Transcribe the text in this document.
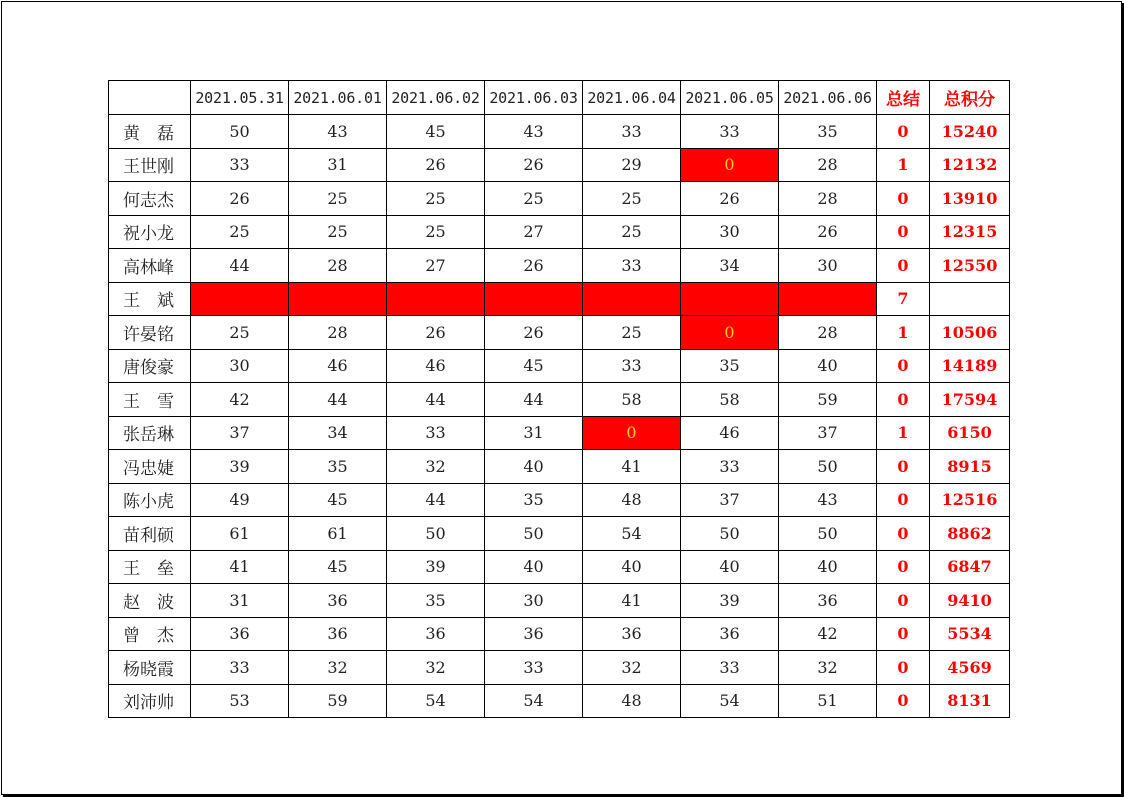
	2021.05.31	2021.06.01	2021.06.02	2021.06.03	2021.06.04	2021.06.05	2021.06.06	总结	总积分
黄　磊	50	43	45	43	33	33	35	0	15240
王世刚	33	31	26	26	29	0	28	1	12132
何志杰	26	25	25	25	25	26	28	0	13910
祝小龙	25	25	25	27	25	30	26	0	12315
高林峰	44	28	27	26	33	34	30	0	12550
王　斌								7	
许晏铭	25	28	26	26	25	0	28	1	10506
唐俊豪	30	46	46	45	33	35	40	0	14189
王　雪	42	44	44	44	58	58	59	0	17594
张岳琳	37	34	33	31	0	46	37	1	6150
冯忠婕	39	35	32	40	41	33	50	0	8915
陈小虎	49	45	44	35	48	37	43	0	12516
苗利硕	61	61	50	50	54	50	50	0	8862
王　垒	41	45	39	40	40	40	40	0	6847
赵　波	31	36	35	30	41	39	36	0	9410
曾　杰	36	36	36	36	36	36	42	0	5534
杨晓霞	33	32	32	33	32	33	32	0	4569
刘沛帅	53	59	54	54	48	54	51	0	8131
